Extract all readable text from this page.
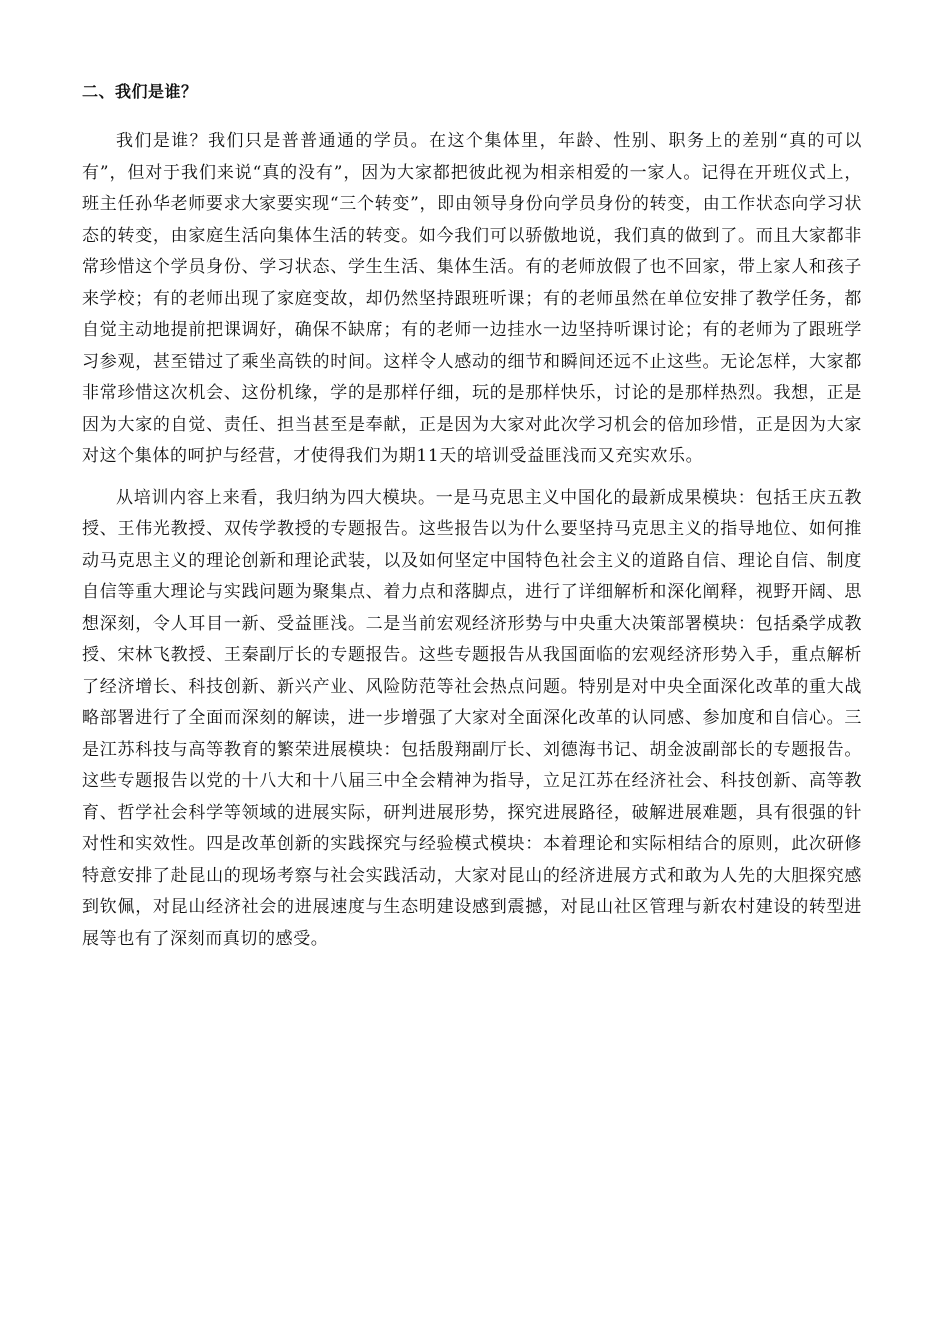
二、我们是谁？

我们是谁？我们只是普普通通的学员。在这个集体里，年龄、性别、职务上的差别“真的可以有”，但对于我们来说“真的没有”，因为大家都把彼此视为相亲相爱的一家人。记得在开班仪式上，班主任孙华老师要求大家要实现“三个转变”，即由领导身份向学员身份的转变，由工作状态向学习状态的转变，由家庭生活向集体生活的转变。如今我们可以骄傲地说，我们真的做到了。而且大家都非常珍惜这个学员身份、学习状态、学生生活、集体生活。有的老师放假了也不回家，带上家人和孩子来学校；有的老师出现了家庭变故，却仍然坚持跟班听课；有的老师虽然在单位安排了教学任务，都自觉主动地提前把课调好，确保不缺席；有的老师一边挂水一边坚持听课讨论；有的老师为了跟班学习参观，甚至错过了乘坐高铁的时间。这样令人感动的细节和瞬间还远不止这些。无论怎样，大家都非常珍惜这次机会、这份机缘，学的是那样仔细，玩的是那样快乐，讨论的是那样热烈。我想，正是因为大家的自觉、责任、担当甚至是奉献，正是因为大家对此次学习机会的倍加珍惜，正是因为大家对这个集体的呵护与经营，才使得我们为期11天的培训受益匪浅而又充实欢乐。

从培训内容上来看，我归纳为四大模块。一是马克思主义中国化的最新成果模块：包括王庆五教授、王伟光教授、双传学教授的专题报告。这些报告以为什么要坚持马克思主义的指导地位、如何推动马克思主义的理论创新和理论武装，以及如何坚定中国特色社会主义的道路自信、理论自信、制度自信等重大理论与实践问题为聚集点、着力点和落脚点，进行了详细解析和深化阐释，视野开阔、思想深刻，令人耳目一新、受益匪浅。二是当前宏观经济形势与中央重大决策部署模块：包括桑学成教授、宋林飞教授、王秦副厅长的专题报告。这些专题报告从我国面临的宏观经济形势入手，重点解析了经济增长、科技创新、新兴产业、风险防范等社会热点问题。特别是对中央全面深化改革的重大战略部署进行了全面而深刻的解读，进一步增强了大家对全面深化改革的认同感、参加度和自信心。三是江苏科技与高等教育的繁荣进展模块：包括殷翔副厅长、刘德海书记、胡金波副部长的专题报告。这些专题报告以党的十八大和十八届三中全会精神为指导，立足江苏在经济社会、科技创新、高等教育、哲学社会科学等领域的进展实际，研判进展形势，探究进展路径，破解进展难题，具有很强的针对性和实效性。四是改革创新的实践探究与经验模式模块：本着理论和实际相结合的原则，此次研修特意安排了赴昆山的现场考察与社会实践活动，大家对昆山的经济进展方式和敢为人先的大胆探究感到钦佩，对昆山经济社会的进展速度与生态明建设感到震撼，对昆山社区管理与新农村建设的转型进展等也有了深刻而真切的感受。
